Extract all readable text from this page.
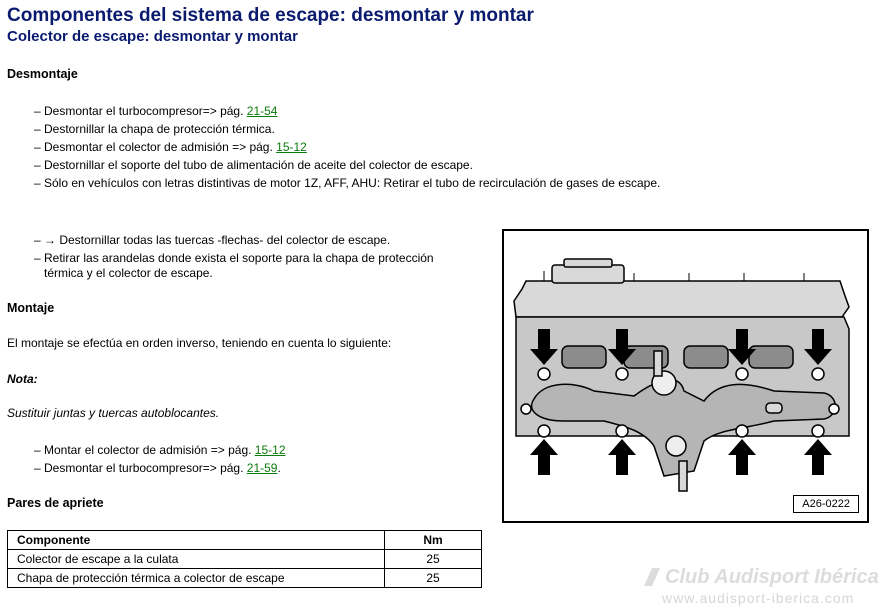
Componentes del sistema de escape: desmontar y montar
Colector de escape: desmontar y montar
Desmontaje
– Desmontar el turbocompresor=> pág. 21-54
– Destornillar la chapa de protección térmica.
– Desmontar el colector de admisión => pág. 15-12
– Destornillar el soporte del tubo de alimentación de aceite del colector de escape.
– Sólo en vehículos con letras distintivas de motor 1Z, AFF, AHU: Retirar el tubo de recirculación de gases de escape.
– → Destornillar todas las tuercas -flechas- del colector de escape.
– Retirar las arandelas donde exista el soporte para la chapa de protección
térmica y el colector de escape.
Montaje
El montaje se efectúa en orden inverso, teniendo en cuenta lo siguiente:
Nota:
Sustituir juntas y tuercas autoblocantes.
– Montar el colector de admisión => pág. 15-12
– Desmontar el turbocompresor=> pág. 21-59.
Pares de apriete
Componente	Nm
Colector de escape a la culata	25
Chapa de protección térmica a colector de escape	25
A26-0222
Club Audisport Ibérica
www.audisport-iberica.com
